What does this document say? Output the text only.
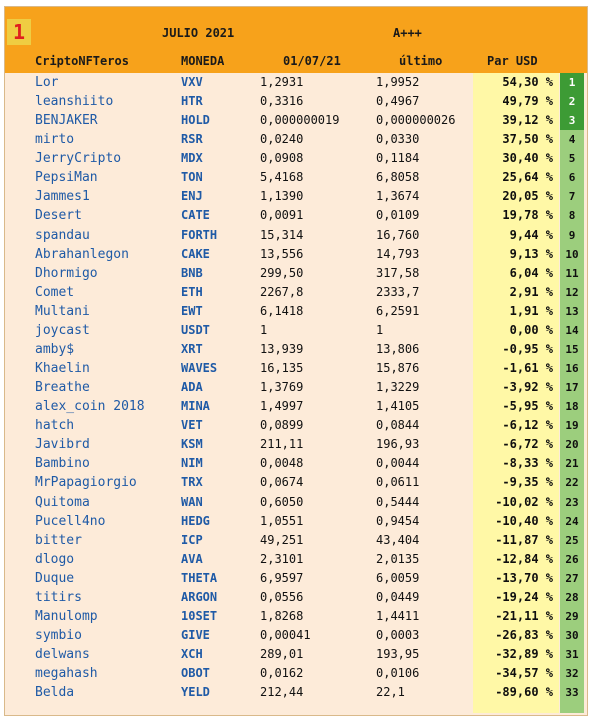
1	JULIO 2021	A+++
CriptoNFTeros	MONEDA	01/07/21	último	Par USD
Lor	VXV	1,2931	1,9952	54,30 %	1
leanshiito	HTR	0,3316	0,4967	49,79 %	2
BENJAKER	HOLD	0,000000019	0,000000026	39,12 %	3
mirto	RSR	0,0240	0,0330	37,50 %	4
JerryCripto	MDX	0,0908	0,1184	30,40 %	5
PepsiMan	TON	5,4168	6,8058	25,64 %	6
Jammes1	ENJ	1,1390	1,3674	20,05 %	7
Desert	CATE	0,0091	0,0109	19,78 %	8
spandau	FORTH	15,314	16,760	9,44 %	9
Abrahanlegon	CAKE	13,556	14,793	9,13 %	10
Dhormigo	BNB	299,50	317,58	6,04 %	11
Comet	ETH	2267,8	2333,7	2,91 %	12
Multani	EWT	6,1418	6,2591	1,91 %	13
joycast	USDT	1	1	0,00 %	14
amby$	XRT	13,939	13,806	-0,95 %	15
Khaelin	WAVES	16,135	15,876	-1,61 %	16
Breathe	ADA	1,3769	1,3229	-3,92 %	17
alex_coin 2018	MINA	1,4997	1,4105	-5,95 %	18
hatch	VET	0,0899	0,0844	-6,12 %	19
Javibrd	KSM	211,11	196,93	-6,72 %	20
Bambino	NIM	0,0048	0,0044	-8,33 %	21
MrPapagiorgio	TRX	0,0674	0,0611	-9,35 %	22
Quitoma	WAN	0,6050	0,5444	-10,02 %	23
Pucell4no	HEDG	1,0551	0,9454	-10,40 %	24
bitter	ICP	49,251	43,404	-11,87 %	25
dlogo	AVA	2,3101	2,0135	-12,84 %	26
Duque	THETA	6,9597	6,0059	-13,70 %	27
titirs	ARGON	0,0556	0,0449	-19,24 %	28
Manulomp	10SET	1,8268	1,4411	-21,11 %	29
symbio	GIVE	0,00041	0,0003	-26,83 %	30
delwans	XCH	289,01	193,95	-32,89 %	31
megahash	OBOT	0,0162	0,0106	-34,57 %	32
Belda	YELD	212,44	22,1	-89,60 %	33
